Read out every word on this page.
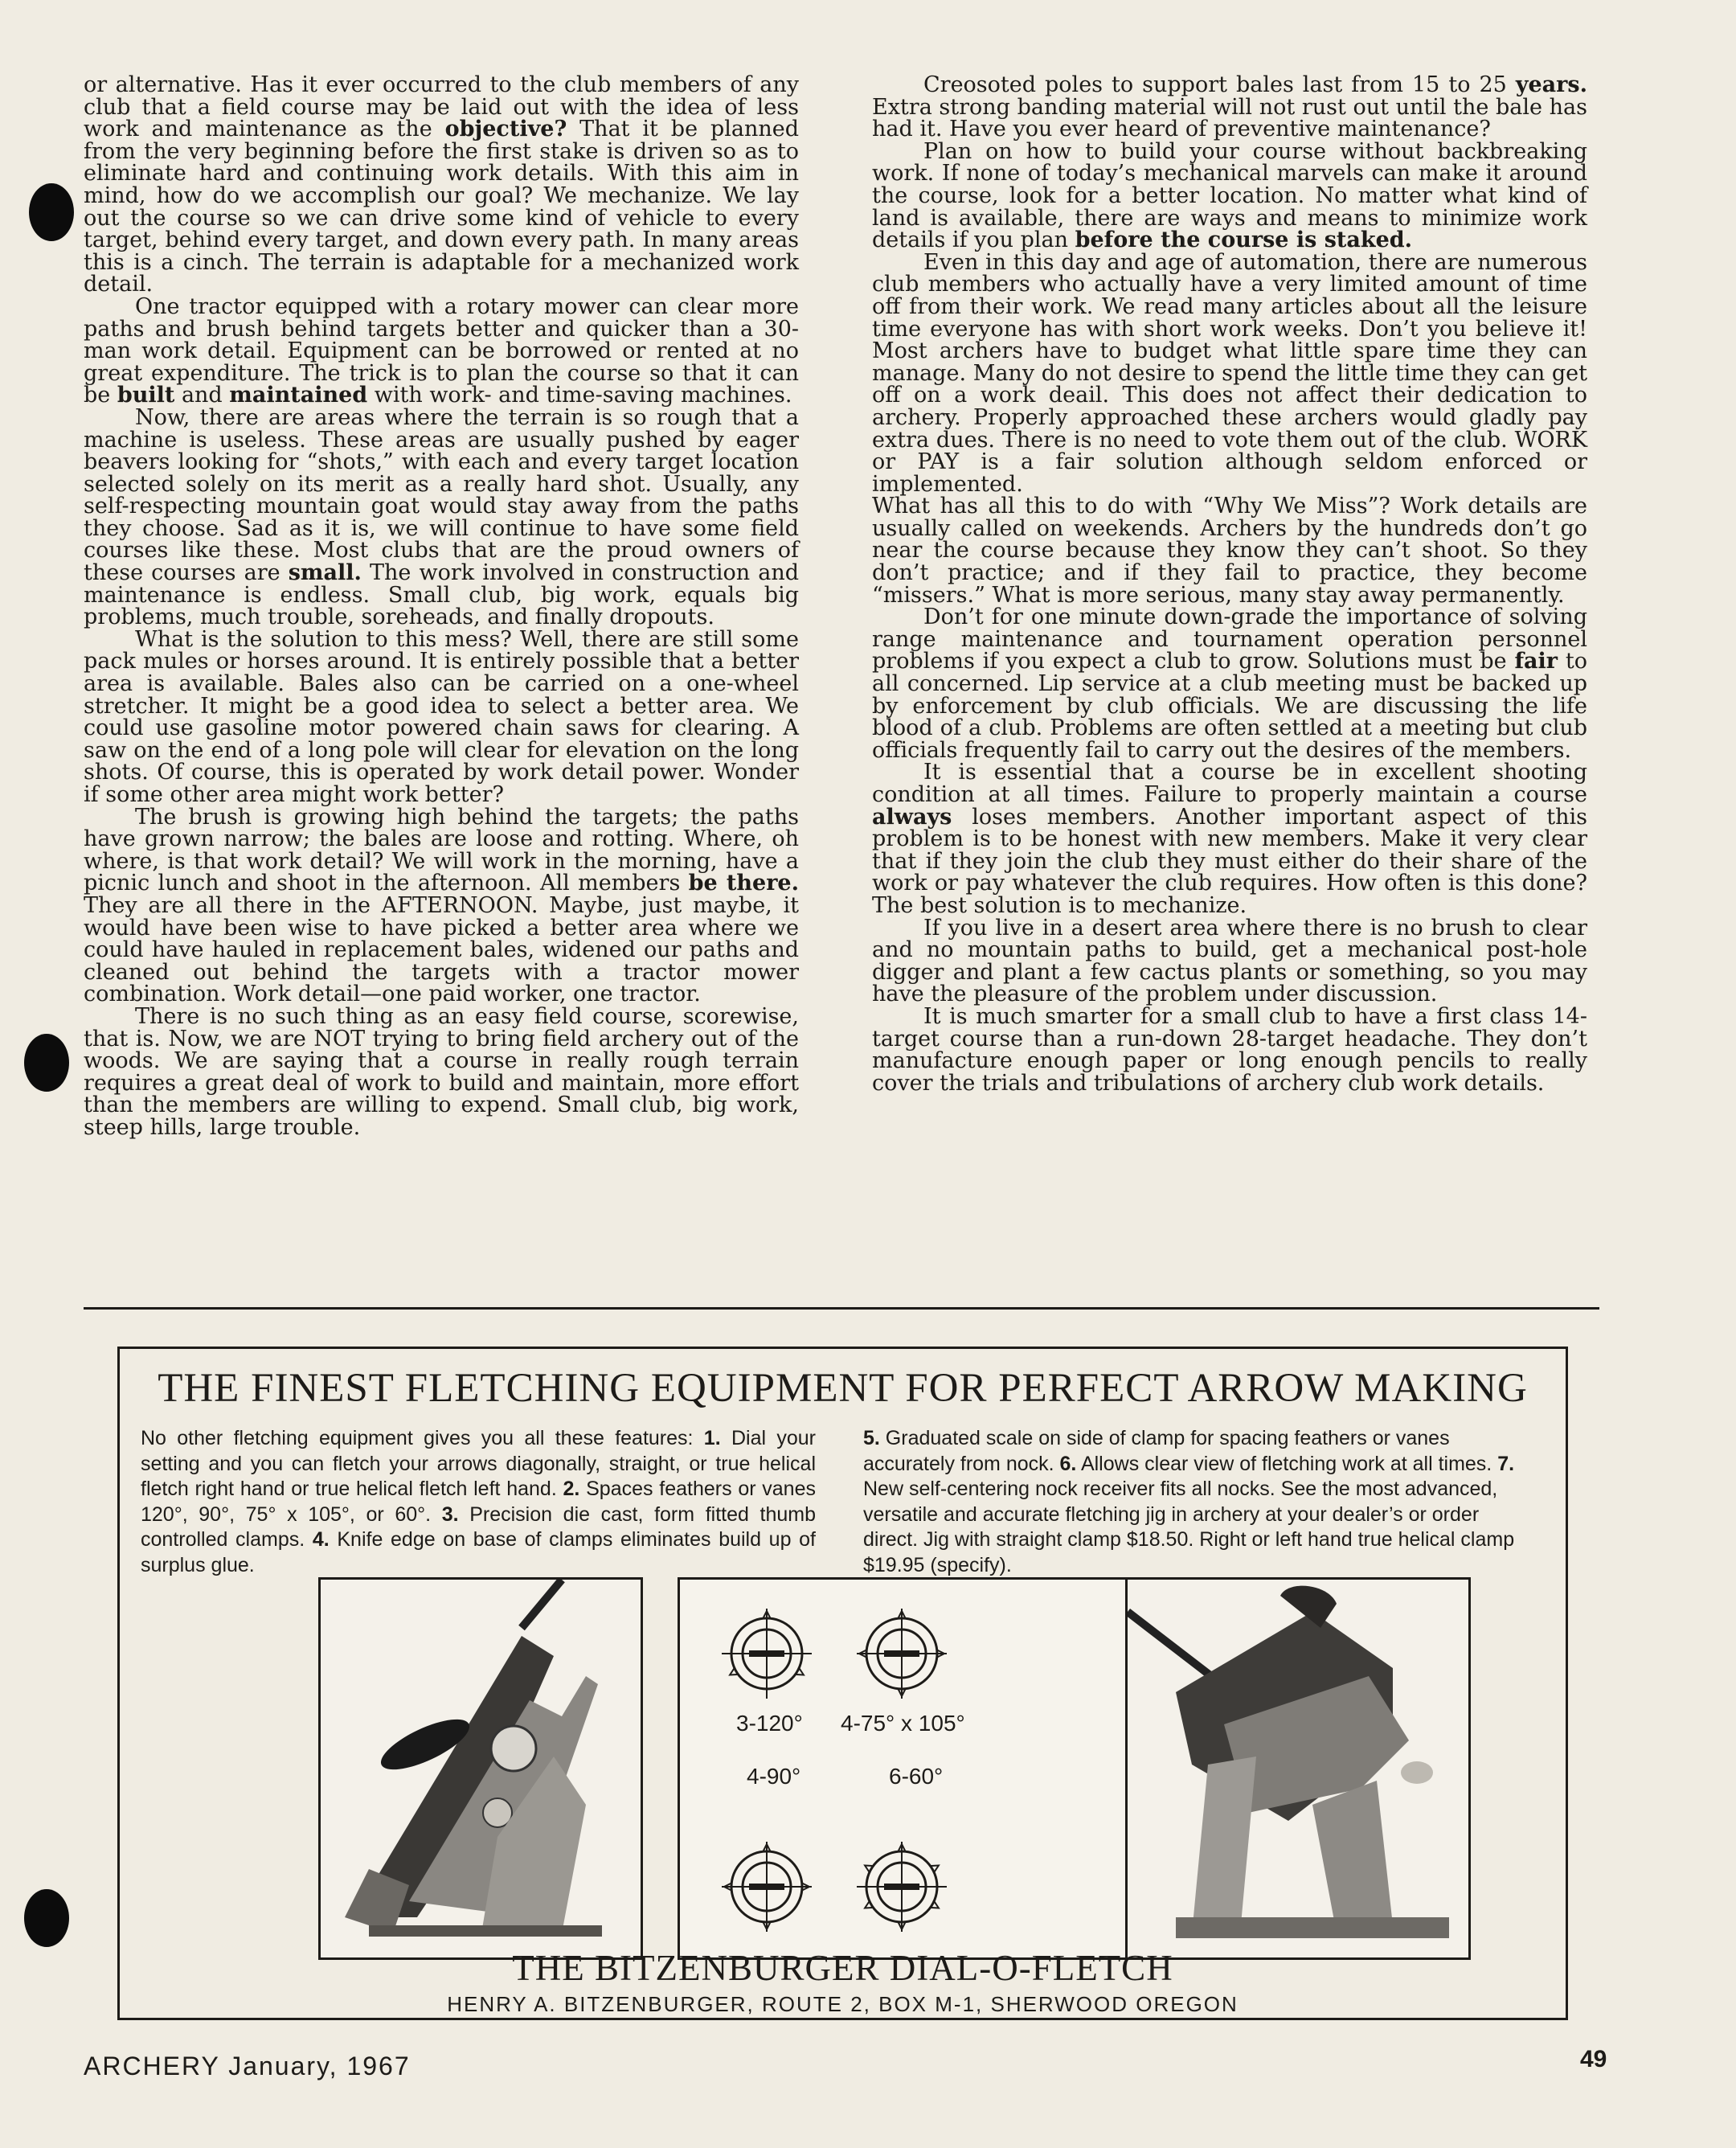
or alternative. Has it ever occurred to the club members of any club that a field course may be laid out with the idea of less work and maintenance as the objective? That it be planned from the very beginning before the first stake is driven so as to eliminate hard and continuing work details. With this aim in mind, how do we accomplish our goal? We mechanize. We lay out the course so we can drive some kind of vehicle to every target, behind every target, and down every path. In many areas this is a cinch. The terrain is adaptable for a mechanized work detail.

One tractor equipped with a rotary mower can clear more paths and brush behind targets better and quicker than a 30-man work detail. Equipment can be borrowed or rented at no great expenditure. The trick is to plan the course so that it can be built and maintained with work- and time-saving machines.

Now, there are areas where the terrain is so rough that a machine is useless. These areas are usually pushed by eager beavers looking for “shots,” with each and every target location selected solely on its merit as a really hard shot. Usually, any self-respecting mountain goat would stay away from the paths they choose. Sad as it is, we will continue to have some field courses like these. Most clubs that are the proud owners of these courses are small. The work involved in construction and maintenance is endless. Small club, big work, equals big problems, much trouble, soreheads, and finally dropouts.

What is the solution to this mess? Well, there are still some pack mules or horses around. It is entirely possible that a better area is available. Bales also can be carried on a one-wheel stretcher. It might be a good idea to select a better area. We could use gasoline motor powered chain saws for clearing. A saw on the end of a long pole will clear for elevation on the long shots. Of course, this is operated by work detail power. Wonder if some other area might work better?

The brush is growing high behind the targets; the paths have grown narrow; the bales are loose and rotting. Where, oh where, is that work detail? We will work in the morning, have a picnic lunch and shoot in the afternoon. All members be there. They are all there in the AFTERNOON. Maybe, just maybe, it would have been wise to have picked a better area where we could have hauled in replacement bales, widened our paths and cleaned out behind the targets with a tractor mower combination. Work detail—one paid worker, one tractor.

There is no such thing as an easy field course, scorewise, that is. Now, we are NOT trying to bring field archery out of the woods. We are saying that a course in really rough terrain requires a great deal of work to build and maintain, more effort than the members are willing to expend. Small club, big work, steep hills, large trouble.

Creosoted poles to support bales last from 15 to 25 years. Extra strong banding material will not rust out until the bale has had it. Have you ever heard of preventive maintenance?

Plan on how to build your course without backbreaking work. If none of today’s mechanical marvels can make it around the course, look for a better location. No matter what kind of land is available, there are ways and means to minimize work details if you plan before the course is staked.

Even in this day and age of automation, there are numerous club members who actually have a very limited amount of time off from their work. We read many articles about all the leisure time everyone has with short work weeks. Don’t you believe it! Most archers have to budget what little spare time they can manage. Many do not desire to spend the little time they can get off on a work deail. This does not affect their dedication to archery. Properly approached these archers would gladly pay extra dues. There is no need to vote them out of the club. WORK or PAY is a fair solution although seldom enforced or implemented.

What has all this to do with “Why We Miss”? Work details are usually called on weekends. Archers by the hundreds don’t go near the course because they know they can’t shoot. So they don’t practice; and if they fail to practice, they become “missers.” What is more serious, many stay away permanently.

Don’t for one minute down-grade the importance of solving range maintenance and tournament operation personnel problems if you expect a club to grow. Solutions must be fair to all concerned. Lip service at a club meeting must be backed up by enforcement by club officials. We are discussing the life blood of a club. Problems are often settled at a meeting but club officials frequently fail to carry out the desires of the members.

It is essential that a course be in excellent shooting condition at all times. Failure to properly maintain a course always loses members. Another important aspect of this problem is to be honest with new members. Make it very clear that if they join the club they must either do their share of the work or pay whatever the club requires. How often is this done? The best solution is to mechanize.

If you live in a desert area where there is no brush to clear and no mountain paths to build, get a mechanical post-hole digger and plant a few cactus plants or something, so you may have the pleasure of the problem under discussion.

It is much smarter for a small club to have a first class 14-target course than a run-down 28-target headache. They don’t manufacture enough paper or long enough pencils to really cover the trials and tribulations of archery club work details.

THE FINEST FLETCHING EQUIPMENT FOR PERFECT ARROW MAKING
No other fletching equipment gives you all these features: 1. Dial your setting and you can fletch your arrows diagonally, straight, or true helical fletch right hand or true helical fletch left hand. 2. Spaces feathers or vanes 120°, 90°, 75° x 105°, or 60°. 3. Precision die cast, form fitted thumb controlled clamps. 4. Knife edge on base of clamps eliminates build up of surplus glue.
5. Graduated scale on side of clamp for spacing feathers or vanes accurately from nock. 6. Allows clear view of fletching work at all times. 7. New self-centering nock receiver fits all nocks. See the most advanced, versatile and accurate fletching jig in archery at your dealer’s or order direct. Jig with straight clamp $18.50. Right or left hand true helical clamp $19.95 (specify).
3-120° 4-75° x 105°
4-90°	6-60°
THE BITZENBURGER DIAL-O-FLETCH
HENRY A. BITZENBURGER, ROUTE 2, BOX M-1, SHERWOOD OREGON
ARCHERY January, 1967	49
